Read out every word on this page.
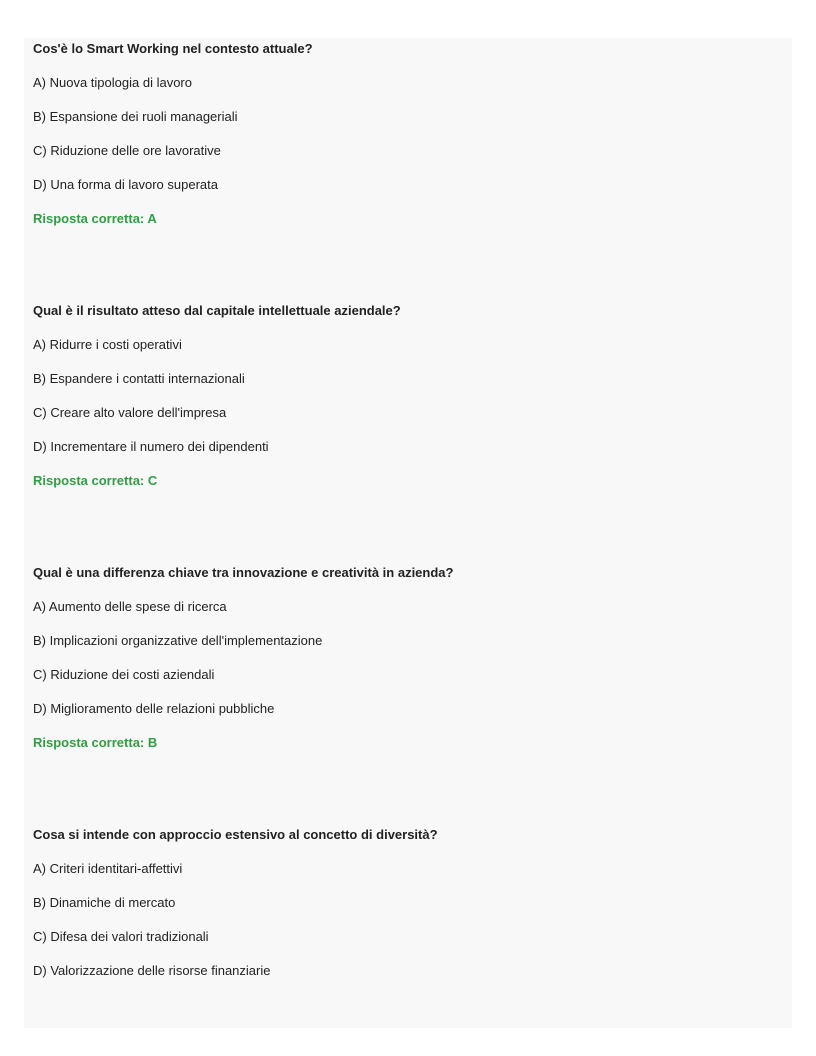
Cos'è lo Smart Working nel contesto attuale?
A) Nuova tipologia di lavoro
B) Espansione dei ruoli manageriali
C) Riduzione delle ore lavorative
D) Una forma di lavoro superata
Risposta corretta: A
Qual è il risultato atteso dal capitale intellettuale aziendale?
A) Ridurre i costi operativi
B) Espandere i contatti internazionali
C) Creare alto valore dell'impresa
D) Incrementare il numero dei dipendenti
Risposta corretta: C
Qual è una differenza chiave tra innovazione e creatività in azienda?
A) Aumento delle spese di ricerca
B) Implicazioni organizzative dell'implementazione
C) Riduzione dei costi aziendali
D) Miglioramento delle relazioni pubbliche
Risposta corretta: B
Cosa si intende con approccio estensivo al concetto di diversità?
A) Criteri identitari-affettivi
B) Dinamiche di mercato
C) Difesa dei valori tradizionali
D) Valorizzazione delle risorse finanziarie
